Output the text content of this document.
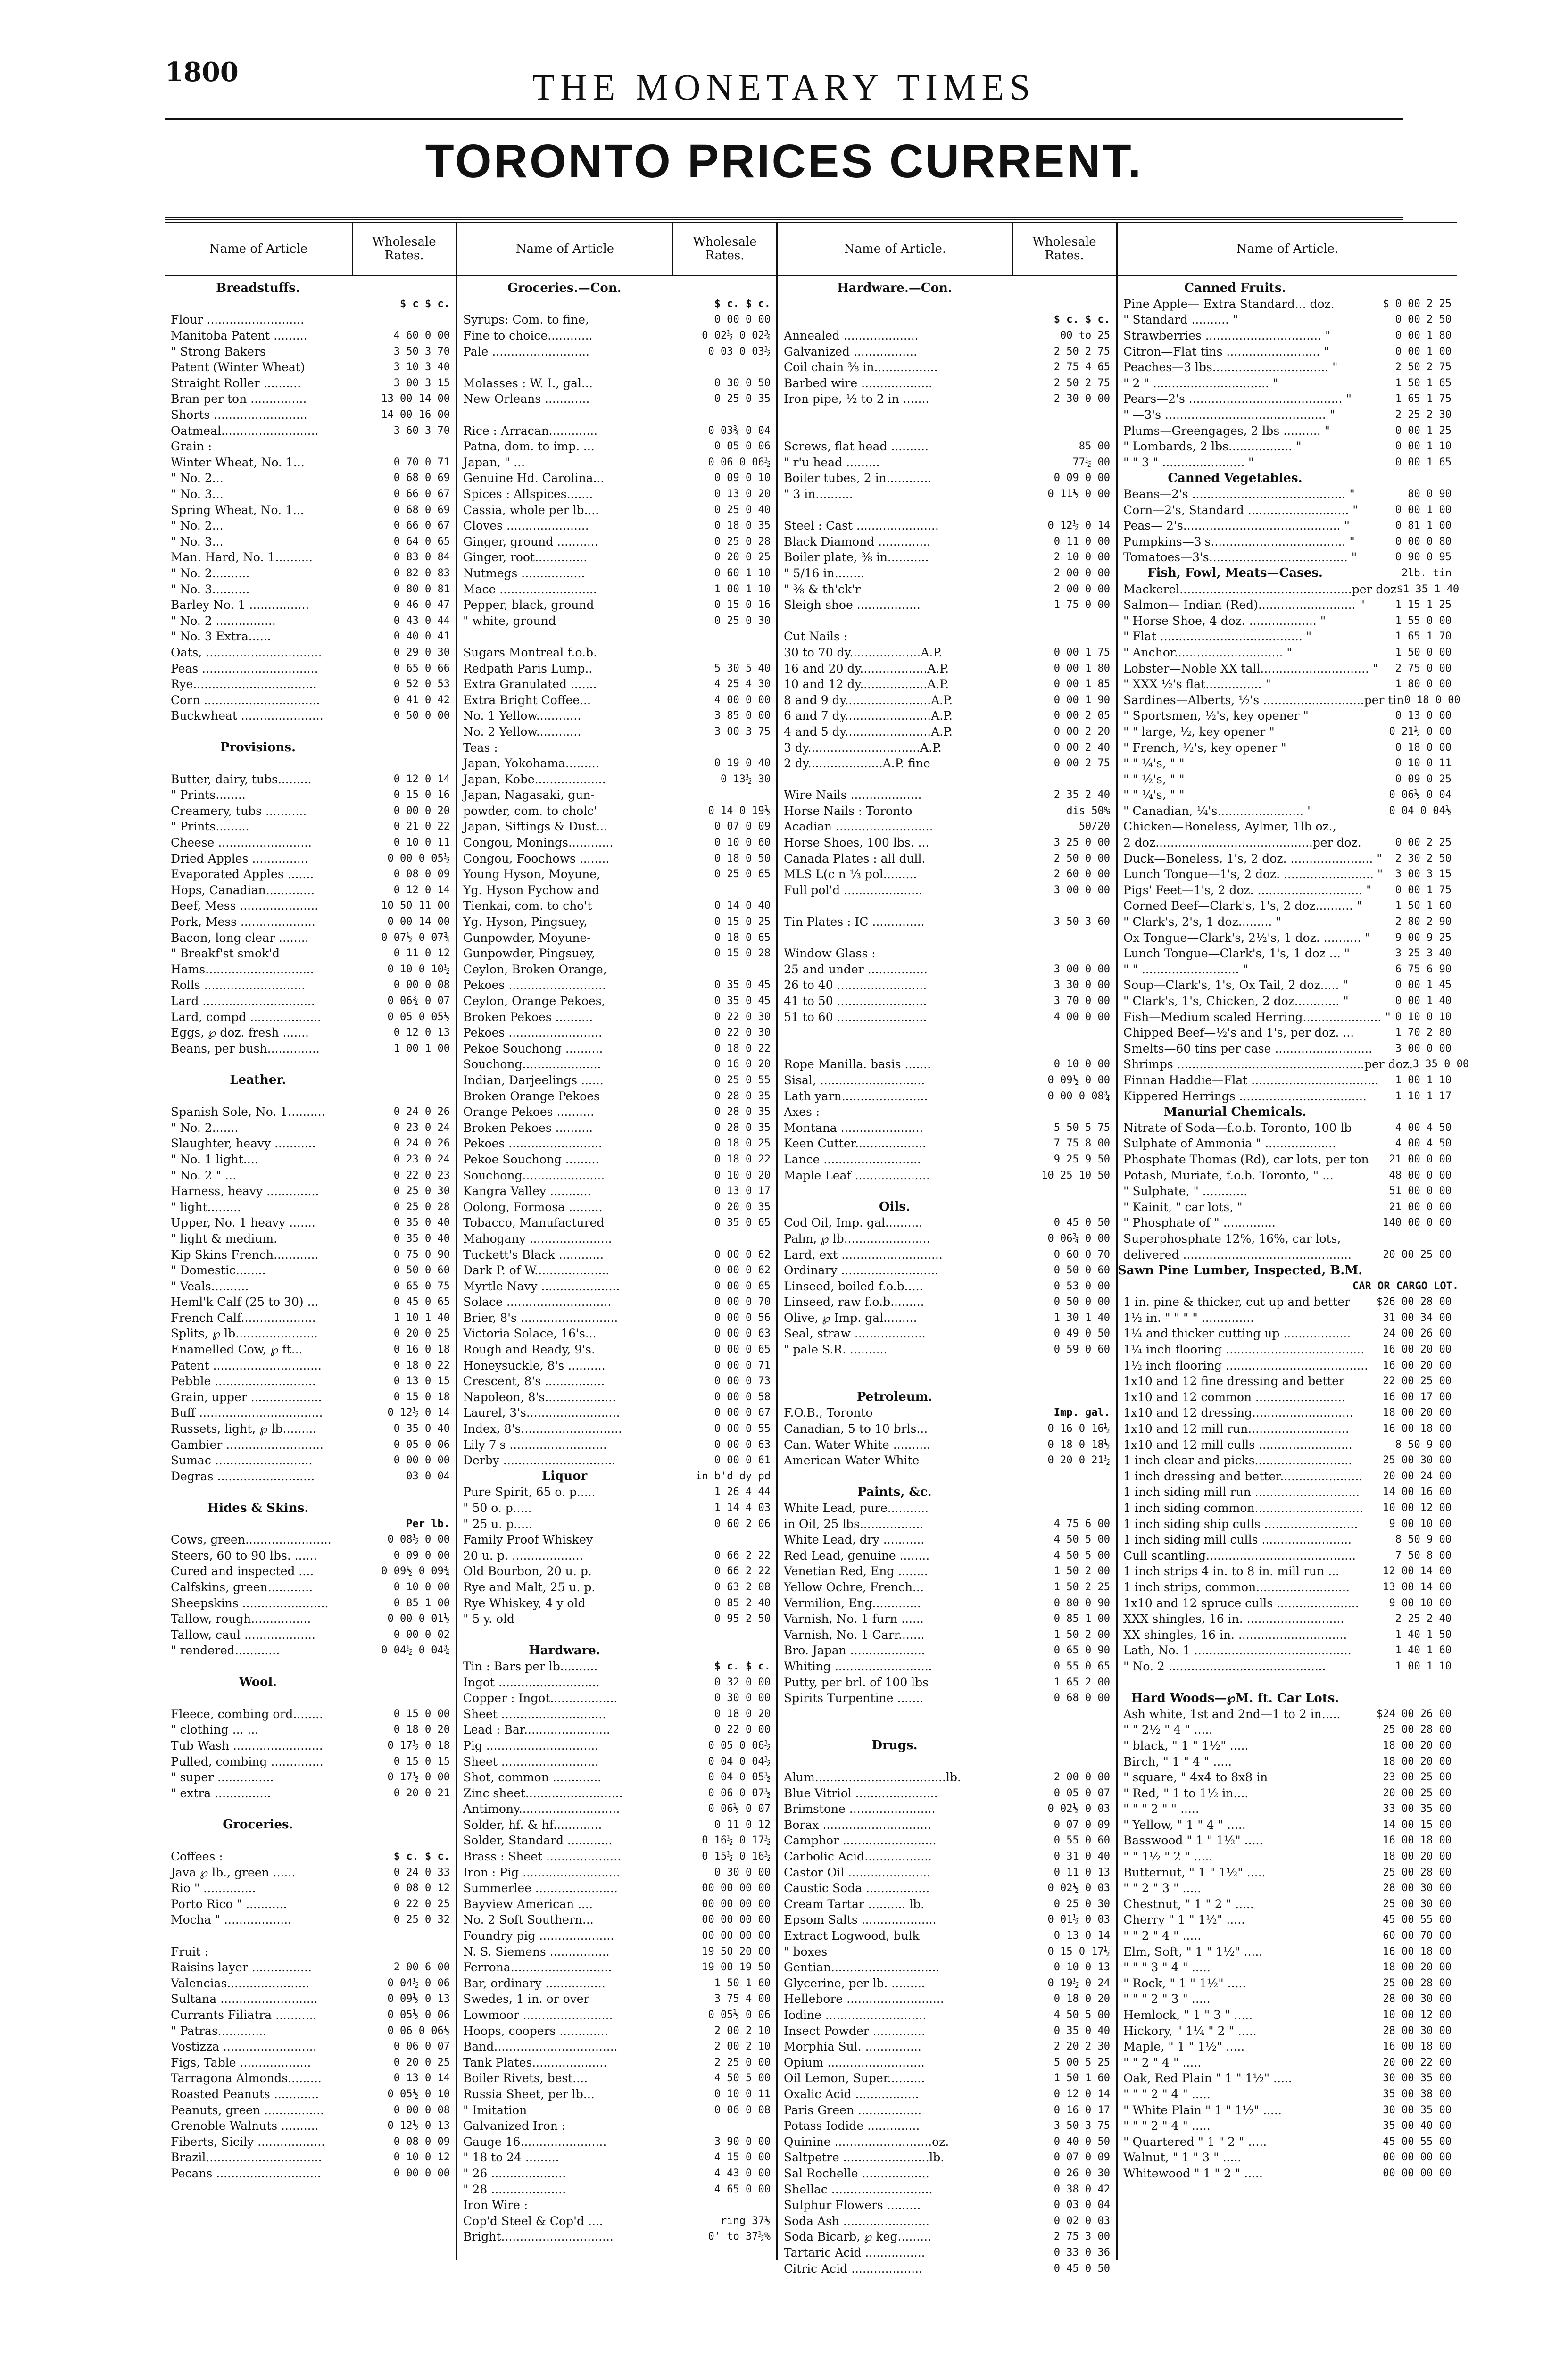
1800	THE MONETARY TIMES
TORONTO PRICES CURRENT.
Name of Article	Wholesale Rates.
Breadstuffs.
$ c $ c.
Flour ..........................
Manitoba Patent .........	4 60 0 00
" Strong Bakers	3 50 3 70
Patent (Winter Wheat)	3 10 3 40
Straight Roller ..........	3 00 3 15
Bran per ton ...............	13 00 14 00
Shorts .........................	14 00 16 00
Oatmeal..........................	3 60 3 70
Grain :
Winter Wheat, No. 1...	0 70 0 71
" No. 2...	0 68 0 69
" No. 3...	0 66 0 67
Spring Wheat, No. 1...	0 68 0 69
" No. 2...	0 66 0 67
" No. 3...	0 64 0 65
Man. Hard, No. 1..........	0 83 0 84
" No. 2..........	0 82 0 83
" No. 3..........	0 80 0 81
Barley No. 1 ................	0 46 0 47
" No. 2 ................	0 43 0 44
" No. 3 Extra......	0 40 0 41
Oats, ...............................	0 29 0 30
Peas ...............................	0 65 0 66
Rye.................................	0 52 0 53
Corn ...............................	0 41 0 42
Buckwheat ......................	0 50 0 00
Provisions.
Butter, dairy, tubs.........	0 12 0 14
" Prints........	0 15 0 16
Creamery, tubs ...........	0 00 0 20
" Prints.........	0 21 0 22
Cheese .........................	0 10 0 11
Dried Apples ...............	0 00 0 05½
Evaporated Apples .......	0 08 0 09
Hops, Canadian.............	0 12 0 14
Beef, Mess .....................	10 50 11 00
Pork, Mess ....................	0 00 14 00
Bacon, long clear ........	0 07½ 0 07¾
" Breakf'st smok'd	0 11 0 12
Hams.............................	0 10 0 10½
Rolls ...........................	0 00 0 08
Lard ..............................	0 06¾ 0 07
Lard, compd ...................	0 05 0 05½
Eggs, ℘ doz. fresh .......	0 12 0 13
Beans, per bush..............	1 00 1 00
Leather.
Spanish Sole, No. 1..........	0 24 0 26
" No. 2.......	0 23 0 24
Slaughter, heavy ...........	0 24 0 26
" No. 1 light....	0 23 0 24
" No. 2 " ...	0 22 0 23
Harness, heavy ..............	0 25 0 30
" light.........	0 25 0 28
Upper, No. 1 heavy .......	0 35 0 40
" light & medium.	0 35 0 40
Kip Skins French............	0 75 0 90
" Domestic........	0 50 0 60
" Veals..........	0 65 0 75
Heml'k Calf (25 to 30) ...	0 45 0 65
French Calf....................	1 10 1 40
Splits, ℘ lb......................	0 20 0 25
Enamelled Cow, ℘ ft...	0 16 0 18
Patent .............................	0 18 0 22
Pebble ...........................	0 13 0 15
Grain, upper ...................	0 15 0 18
Buff .................................	0 12½ 0 14
Russets, light, ℘ lb.........	0 35 0 40
Gambier ..........................	0 05 0 06
Sumac ..........................	0 00 0 00
Degras ..........................	03 0 04
Hides & Skins.
Per lb.
Cows, green.......................	0 08½ 0 00
Steers, 60 to 90 lbs. ......	0 09 0 00
Cured and inspected ....	0 09½ 0 09¾
Calfskins, green............	0 10 0 00
Sheepskins .......................	0 85 1 00
Tallow, rough................	0 00 0 01½
Tallow, caul ...................	0 00 0 02
" rendered............	0 04½ 0 04¾
Wool.
Fleece, combing ord........	0 15 0 00
" clothing ... ...	0 18 0 20
Tub Wash ........................	0 17½ 0 18
Pulled, combing ..............	0 15 0 15
" super ...............	0 17½ 0 00
" extra ...............	0 20 0 21
Groceries.
Coffees :	$ c. $ c.
Java ℘ lb., green ......	0 24 0 33
Rio " ..............	0 08 0 12
Porto Rico " ...........	0 22 0 25
Mocha " ..................	0 25 0 32
Fruit :
Raisins layer ................	2 00 6 00
Valencias......................	0 04½ 0 06
Sultana ..........................	0 09½ 0 13
Currants Filiatra ...........	0 05½ 0 06
" Patras.............	0 06 0 06½
Vostizza .........................	0 06 0 07
Figs, Table ...................	0 20 0 25
Tarragona Almonds.........	0 13 0 14
Roasted Peanuts ............	0 05½ 0 10
Peanuts, green ................	0 00 0 08
Grenoble Walnuts ..........	0 12½ 0 13
Fiberts, Sicily ..................	0 08 0 09
Brazil...............................	0 10 0 12
Pecans ............................	0 00 0 00
Name of Article	Wholesale Rates.
Groceries.—Con.
$ c. $ c.
Syrups: Com. to fine,	0 00 0 00
Fine to choice............	0 02½ 0 02¾
Pale ..........................	0 03 0 03½
Molasses : W. I., gal...	0 30 0 50
New Orleans ............	0 25 0 35
Rice : Arracan.............	0 03¾ 0 04
Patna, dom. to imp. ...	0 05 0 06
Japan, " ...	0 06 0 06½
Genuine Hd. Carolina...	0 09 0 10
Spices : Allspices.......	0 13 0 20
Cassia, whole per lb....	0 25 0 40
Cloves ......................	0 18 0 35
Ginger, ground ...........	0 25 0 28
Ginger, root..............	0 20 0 25
Nutmegs .................	0 60 1 10
Mace ..........................	1 00 1 10
Pepper, black, ground	0 15 0 16
" white, ground	0 25 0 30
Sugars Montreal f.o.b.
Redpath Paris Lump..	5 30 5 40
Extra Granulated .......	4 25 4 30
Extra Bright Coffee...	4 00 0 00
No. 1 Yellow............	3 85 0 00
No. 2 Yellow............	3 00 3 75
Teas :
Japan, Yokohama.........	0 19 0 40
Japan, Kobe...................	0 13½ 30
Japan, Nagasaki, gun-
powder, com. to cholc'	0 14 0 19½
Japan, Siftings & Dust...	0 07 0 09
Congou, Monings............	0 10 0 60
Congou, Foochows ........	0 18 0 50
Young Hyson, Moyune,	0 25 0 65
Yg. Hyson Fychow and
Tienkai, com. to cho't	0 14 0 40
Yg. Hyson, Pingsuey,	0 15 0 25
Gunpowder, Moyune-	0 18 0 65
Gunpowder, Pingsuey,	0 15 0 28
Ceylon, Broken Orange,
Pekoes ..........................	0 35 0 45
Ceylon, Orange Pekoes,	0 35 0 45
Broken Pekoes ..........	0 22 0 30
Pekoes .........................	0 22 0 30
Pekoe Souchong ..........	0 18 0 22
Souchong.....................	0 16 0 20
Indian, Darjeelings ......	0 25 0 55
Broken Orange Pekoes	0 28 0 35
Orange Pekoes ..........	0 28 0 35
Broken Pekoes ..........	0 28 0 35
Pekoes .........................	0 18 0 25
Pekoe Souchong .........	0 18 0 22
Souchong......................	0 10 0 20
Kangra Valley ...........	0 13 0 17
Oolong, Formosa .........	0 20 0 35
Tobacco, Manufactured	0 35 0 65
Mahogany ......................
Tuckett's Black ............	0 00 0 62
Dark P. of W....................	0 00 0 62
Myrtle Navy .....................	0 00 0 65
Solace ............................	0 00 0 70
Brier, 8's ..........................	0 00 0 56
Victoria Solace, 16's...	0 00 0 63
Rough and Ready, 9's.	0 00 0 65
Honeysuckle, 8's ..........	0 00 0 71
Crescent, 8's ................	0 00 0 73
Napoleon, 8's...................	0 00 0 58
Laurel, 3's.........................	0 00 0 67
Index, 8's...........................	0 00 0 55
Lily 7's ..........................	0 00 0 63
Derby ..............................	0 00 0 61
Liquor	in b'd dy pd
Pure Spirit, 65 o. p.....	1 26 4 44
" 50 o. p.....	1 14 4 03
" 25 u. p.....	0 60 2 06
Family Proof Whiskey
20 u. p. ...................	0 66 2 22
Old Bourbon, 20 u. p.	0 66 2 22
Rye and Malt, 25 u. p.	0 63 2 08
Rye Whiskey, 4 y old	0 85 2 40
" 5 y. old	0 95 2 50
Hardware.
Tin : Bars per lb..........	$ c. $ c.
Ingot ...........................	0 32 0 00
Copper : Ingot..................	0 30 0 00
Sheet ............................	0 18 0 20
Lead : Bar.......................	0 22 0 00
Pig ..............................	0 05 0 06½
Sheet ..........................	0 04 0 04½
Shot, common .............	0 04 0 05½
Zinc sheet..........................	0 06 0 07½
Antimony...........................	0 06½ 0 07
Solder, hf. & hf.............	0 11 0 12
Solder, Standard ............	0 16½ 0 17½
Brass : Sheet ....................	0 15½ 0 16½
Iron : Pig ..........................	0 30 0 00
Summerlee ......................	00 00 00 00
Bayview American ....	00 00 00 00
No. 2 Soft Southern...	00 00 00 00
Foundry pig ....................	00 00 00 00
N. S. Siemens ................	19 50 20 00
Ferrona...........................	19 00 19 50
Bar, ordinary ................	1 50 1 60
Swedes, 1 in. or over	3 75 4 00
Lowmoor ........................	0 05½ 0 06
Hoops, coopers .............	2 00 2 10
Band.................................	2 00 2 10
Tank Plates....................	2 25 0 00
Boiler Rivets, best....	4 50 5 00
Russia Sheet, per lb...	0 10 0 11
" Imitation	0 06 0 08
Galvanized Iron :
Gauge 16.......................	3 90 0 00
" 18 to 24 .........	4 15 0 00
" 26 ....................	4 43 0 00
" 28 ....................	4 65 0 00
Iron Wire :
Cop'd Steel & Cop'd ....	ring 37½
Bright..............................	0' to 37½%
Name of Article.	Wholesale Rates.
Hardware.—Con.
$ c. $ c.
Annealed ....................	00 to 25
Galvanized .................	2 50 2 75
Coil chain ⅜ in.................	2 75 4 65
Barbed wire ...................	2 50 2 75
Iron pipe, ½ to 2 in .......	2 30 0 00
Screws, flat head ..........	85 00
" r'u head .........	77½ 00
Boiler tubes, 2 in............	0 09 0 00
" 3 in..........	0 11½ 0 00
Steel : Cast ......................	0 12½ 0 14
Black Diamond ..............	0 11 0 00
Boiler plate, ⅜ in...........	2 10 0 00
" 5/16 in........	2 00 0 00
" ⅜ & th'ck'r	2 00 0 00
Sleigh shoe .................	1 75 0 00
Cut Nails :
30 to 70 dy...................A.P.	0 00 1 75
16 and 20 dy..................A.P.	0 00 1 80
10 and 12 dy..................A.P.	0 00 1 85
8 and 9 dy.......................A.P.	0 00 1 90
6 and 7 dy.......................A.P.	0 00 2 05
4 and 5 dy.......................A.P.	0 00 2 20
3 dy..............................A.P.	0 00 2 40
2 dy....................A.P. fine	0 00 2 75
Wire Nails ...................	2 35 2 40
Horse Nails : Toronto	dis 50%
Acadian ..........................	50/20
Horse Shoes, 100 lbs. ...	3 25 0 00
Canada Plates : all dull.	2 50 0 00
MLS L(c n ⅓ pol.........	2 60 0 00
Full pol'd .....................	3 00 0 00
Tin Plates : IC ..............	3 50 3 60
Window Glass :
25 and under ................	3 00 0 00
26 to 40 ........................	3 30 0 00
41 to 50 ........................	3 70 0 00
51 to 60 ........................	4 00 0 00
Rope Manilla. basis .......	0 10 0 00
Sisal, ............................	0 09½ 0 00
Lath yarn.......................	0 00 0 08¾
Axes :
Montana ......................	5 50 5 75
Keen Cutter...................	7 75 8 00
Lance ..........................	9 25 9 50
Maple Leaf ....................	10 25 10 50
Oils.
Cod Oil, Imp. gal..........	0 45 0 50
Palm, ℘ lb.......................	0 06¾ 0 00
Lard, ext ...........................	0 60 0 70
Ordinary ..........................	0 50 0 60
Linseed, boiled f.o.b.....	0 53 0 00
Linseed, raw f.o.b.........	0 50 0 00
Olive, ℘ Imp. gal.........	1 30 1 40
Seal, straw ...................	0 49 0 50
" pale S.R. ..........	0 59 0 60
Petroleum.
F.O.B., Toronto	Imp. gal.
Canadian, 5 to 10 brls...	0 16 0 16½
Can. Water White ..........	0 18 0 18½
American Water White	0 20 0 21½
Paints, &c.
White Lead, pure...........
in Oil, 25 lbs.................	4 75 6 00
White Lead, dry ...........	4 50 5 00
Red Lead, genuine ........	4 50 5 00
Venetian Red, Eng ........	1 50 2 00
Yellow Ochre, French...	1 50 2 25
Vermilion, Eng.............	0 80 0 90
Varnish, No. 1 furn ......	0 85 1 00
Varnish, No. 1 Carr.......	1 50 2 00
Bro. Japan ....................	0 65 0 90
Whiting ..........................	0 55 0 65
Putty, per brl. of 100 lbs	1 65 2 00
Spirits Turpentine .......	0 68 0 00
Drugs.
Alum...................................lb.	2 00 0 00
Blue Vitriol ......................	0 05 0 07
Brimstone .......................	0 02½ 0 03
Borax .............................	0 07 0 09
Camphor .........................	0 55 0 60
Carbolic Acid..................	0 31 0 40
Castor Oil ......................	0 11 0 13
Caustic Soda .................	0 02½ 0 03
Cream Tartar .......... lb.	0 25 0 30
Epsom Salts ....................	0 01½ 0 03
Extract Logwood, bulk	0 13 0 14
" boxes	0 15 0 17½
Gentian.............................	0 10 0 13
Glycerine, per lb. .........	0 19½ 0 24
Hellebore ..........................	0 18 0 20
Iodine ...........................	4 50 5 00
Insect Powder ..............	0 35 0 40
Morphia Sul. ...............	2 20 2 30
Opium ..........................	5 00 5 25
Oil Lemon, Super..........	1 50 1 60
Oxalic Acid .................	0 12 0 14
Paris Green .................	0 16 0 17
Potass Iodide ..............	3 50 3 75
Quinine ..........................oz.	0 40 0 50
Saltpetre .......................lb.	0 07 0 09
Sal Rochelle ..................	0 26 0 30
Shellac ...........................	0 38 0 42
Sulphur Flowers .........	0 03 0 04
Soda Ash .......................	0 02 0 03
Soda Bicarb, ℘ keg.........	2 75 3 00
Tartaric Acid ................	0 33 0 36
Citric Acid ...................	0 45 0 50
Name of Article.
Canned Fruits.
Pine Apple— Extra Standard... doz.	$ 0 00 2 25
" Standard .......... "	0 00 2 50
Strawberries ............................... "	0 00 1 80
Citron—Flat tins ......................... "	0 00 1 00
Peaches—3 lbs............................... "	2 50 2 75
" 2 " ............................... "	1 50 1 65
Pears—2's ......................................... "	1 65 1 75
" —3's ........................................... "	2 25 2 30
Plums—Greengages, 2 lbs .......... "	0 00 1 25
" Lombards, 2 lbs................. "	0 00 1 10
" " 3 " ...................... "	0 00 1 65
Canned Vegetables.
Beans—2's ......................................... "	80 0 90
Corn—2's, Standard ........................... "	0 00 1 00
Peas— 2's.......................................... "	0 81 1 00
Pumpkins—3's.................................... "	0 00 0 80
Tomatoes—3's..................................... "	0 90 0 95
Fish, Fowl, Meats—Cases.	2lb. tin
Mackerel..............................................per doz $1 35 1 40
Salmon— Indian (Red).......................... "	1 15 1 25
" Horse Shoe, 4 doz. .................. "	1 55 0 00
" Flat ...................................... "	1 65 1 70
" Anchor............................. "	1 50 0 00
Lobster—Noble XX tall............................. "	2 75 0 00
" XXX ½'s flat............... "	1 80 0 00
Sardines—Alberts, ½'s ...........................per tin 0 18 0 00
" Sportsmen, ½'s, key opener "	0 13 0 00
" " large, ½, key opener "	0 21½ 0 00
" French, ½'s, key opener "	0 18 0 00
" " ¼'s, " "	0 10 0 11
" " ½'s, " "	0 09 0 25
" " ¼'s, " "	0 06½ 0 04
" Canadian, ¼'s....................... "	0 04 0 04½
Chicken—Boneless, Aylmer, 1lb oz.,
2 doz..........................................per doz.	0 00 2 25
Duck—Boneless, 1's, 2 doz. ...................... "	2 30 2 50
Lunch Tongue—1's, 2 doz. ........................ "	3 00 3 15
Pigs' Feet—1's, 2 doz. ............................ "	0 00 1 75
Corned Beef—Clark's, 1's, 2 doz.......... "	1 50 1 60
" Clark's, 2's, 1 doz......... "	2 80 2 90
Ox Tongue—Clark's, 2½'s, 1 doz. .......... "	9 00 9 25
Lunch Tongue—Clark's, 1's, 1 doz ... "	3 25 3 40
" " .......................... "	6 75 6 90
Soup—Clark's, 1's, Ox Tail, 2 doz..... "	0 00 1 45
" Clark's, 1's, Chicken, 2 doz............ "	0 00 1 40
Fish—Medium scaled Herring..................... " 0 10 0 10
Chipped Beef—½'s and 1's, per doz. ...	1 70 2 80
Smelts—60 tins per case ..........................	3 00 0 00
Shrimps ..................................................per doz. 3 35 0 00
Finnan Haddie—Flat ..................................	1 00 1 10
Kippered Herrings ..................................	1 10 1 17
Manurial Chemicals.
Nitrate of Soda—f.o.b. Toronto, 100 lb	4 00 4 50
Sulphate of Ammonia " ...................	4 00 4 50
Phosphate Thomas (Rd), car lots, per ton	21 00 0 00
Potash, Muriate, f.o.b. Toronto, " ...	48 00 0 00
" Sulphate, " ............	51 00 0 00
" Kainit, " car lots, "	21 00 0 00
" Phosphate of " ..............	140 00 0 00
Superphosphate 12%, 16%, car lots,
delivered .............................................	20 00 25 00
Sawn Pine Lumber, Inspected, B.M.
CAR OR CARGO LOT.
1 in. pine & thicker, cut up and better	$26 00 28 00
1½ in. " " " " ..............	31 00 34 00
1¼ and thicker cutting up ..................	24 00 26 00
1¼ inch flooring .....................................	16 00 20 00
1½ inch flooring ......................................	16 00 20 00
1x10 and 12 fine dressing and better	22 00 25 00
1x10 and 12 common ........................	16 00 17 00
1x10 and 12 dressing...........................	18 00 20 00
1x10 and 12 mill run...........................	16 00 18 00
1x10 and 12 mill culls .........................	8 50 9 00
1 inch clear and picks..........................	25 00 30 00
1 inch dressing and better......................	20 00 24 00
1 inch siding mill run ............................	14 00 16 00
1 inch siding common.............................	10 00 12 00
1 inch siding ship culls .........................	9 00 10 00
1 inch siding mill culls ........................	8 50 9 00
Cull scantling........................................	7 50 8 00
1 inch strips 4 in. to 8 in. mill run ...	12 00 14 00
1 inch strips, common.........................	13 00 14 00
1x10 and 12 spruce culls ......................	9 00 10 00
XXX shingles, 16 in. ..........................	2 25 2 40
XX shingles, 16 in. .............................	1 40 1 50
Lath, No. 1 ..........................................	1 40 1 60
" No. 2 ..........................................	1 00 1 10
Hard Woods—℘M. ft. Car Lots.
Ash white, 1st and 2nd—1 to 2 in.....	$24 00 26 00
" " 2½ " 4 " .....	25 00 28 00
" black, " 1 " 1½" .....	18 00 20 00
Birch, " 1 " 4 " .....	18 00 20 00
" square, " 4x4 to 8x8 in	23 00 25 00
" Red, " 1 to 1½ in....	20 00 25 00
" " " 2 " " .....	33 00 35 00
" Yellow, " 1 " 4 " .....	14 00 15 00
Basswood " 1 " 1½" .....	16 00 18 00
" " 1½ " 2 " .....	18 00 20 00
Butternut, " 1 " 1½" .....	25 00 28 00
" " 2 " 3 " .....	28 00 30 00
Chestnut, " 1 " 2 " .....	25 00 30 00
Cherry " 1 " 1½" .....	45 00 55 00
" " 2 " 4 " .....	60 00 70 00
Elm, Soft, " 1 " 1½" .....	16 00 18 00
" " " 3 " 4 " .....	18 00 20 00
" Rock, " 1 " 1½" .....	25 00 28 00
" " " 2 " 3 " .....	28 00 30 00
Hemlock, " 1 " 3 " .....	10 00 12 00
Hickory, " 1¼ " 2 " .....	28 00 30 00
Maple, " 1 " 1½" .....	16 00 18 00
" " 2 " 4 " .....	20 00 22 00
Oak, Red Plain " 1 " 1½" .....	30 00 35 00
" " " 2 " 4 " .....	35 00 38 00
" White Plain " 1 " 1½" .....	30 00 35 00
" " " 2 " 4 " .....	35 00 40 00
" Quartered " 1 " 2 " .....	45 00 55 00
Walnut, " 1 " 3 " .....	00 00 00 00
Whitewood " 1 " 2 " .....	00 00 00 00
